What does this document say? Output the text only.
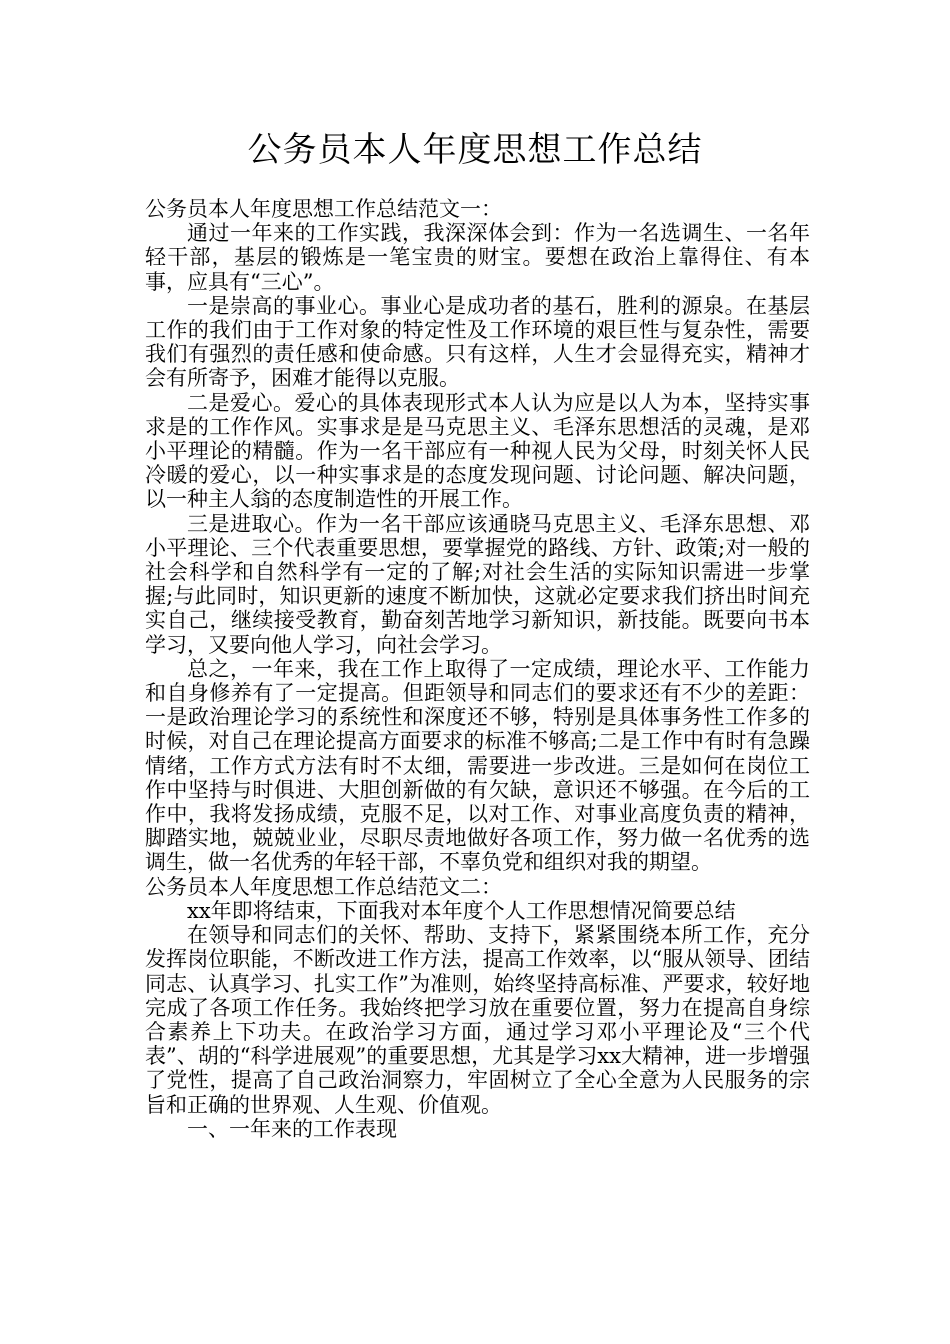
公务员本人年度思想工作总结

公务员本人年度思想工作总结范文一：

通过一年来的工作实践，我深深体会到：作为一名选调生、一名年轻干部，基层的锻炼是一笔宝贵的财宝。要想在政治上靠得住、有本事，应具有“三心”。

一是崇高的事业心。事业心是成功者的基石，胜利的源泉。在基层工作的我们由于工作对象的特定性及工作环境的艰巨性与复杂性，需要我们有强烈的责任感和使命感。只有这样，人生才会显得充实，精神才会有所寄予，困难才能得以克服。

二是爱心。爱心的具体表现形式本人认为应是以人为本，坚持实事求是的工作作风。实事求是是马克思主义、毛泽东思想活的灵魂，是邓小平理论的精髓。作为一名干部应有一种视人民为父母，时刻关怀人民冷暖的爱心，以一种实事求是的态度发现问题、讨论问题、解决问题，以一种主人翁的态度制造性的开展工作。

三是进取心。作为一名干部应该通晓马克思主义、毛泽东思想、邓小平理论、三个代表重要思想，要掌握党的路线、方针、政策;对一般的社会科学和自然科学有一定的了解;对社会生活的实际知识需进一步掌握;与此同时，知识更新的速度不断加快，这就必定要求我们挤出时间充实自己，继续接受教育，勤奋刻苦地学习新知识，新技能。既要向书本学习，又要向他人学习，向社会学习。

总之，一年来，我在工作上取得了一定成绩，理论水平、工作能力和自身修养有了一定提高。但距领导和同志们的要求还有不少的差距：一是政治理论学习的系统性和深度还不够，特别是具体事务性工作多的时候，对自己在理论提高方面要求的标准不够高;二是工作中有时有急躁情绪，工作方式方法有时不太细，需要进一步改进。三是如何在岗位工作中坚持与时俱进、大胆创新做的有欠缺，意识还不够强。在今后的工作中，我将发扬成绩，克服不足，以对工作、对事业高度负责的精神，脚踏实地，兢兢业业，尽职尽责地做好各项工作，努力做一名优秀的选调生，做一名优秀的年轻干部，不辜负党和组织对我的期望。

公务员本人年度思想工作总结范文二：

xx年即将结束，下面我对本年度个人工作思想情况简要总结

在领导和同志们的关怀、帮助、支持下，紧紧围绕本所工作，充分发挥岗位职能，不断改进工作方法，提高工作效率，以“服从领导、团结同志、认真学习、扎实工作”为准则，始终坚持高标准、严要求，较好地完成了各项工作任务。我始终把学习放在重要位置，努力在提高自身综合素养上下功夫。在政治学习方面，通过学习邓小平理论及“三个代表”、胡的“科学进展观”的重要思想，尤其是学习xx大精神，进一步增强了党性，提高了自己政治洞察力，牢固树立了全心全意为人民服务的宗旨和正确的世界观、人生观、价值观。

一、一年来的工作表现
